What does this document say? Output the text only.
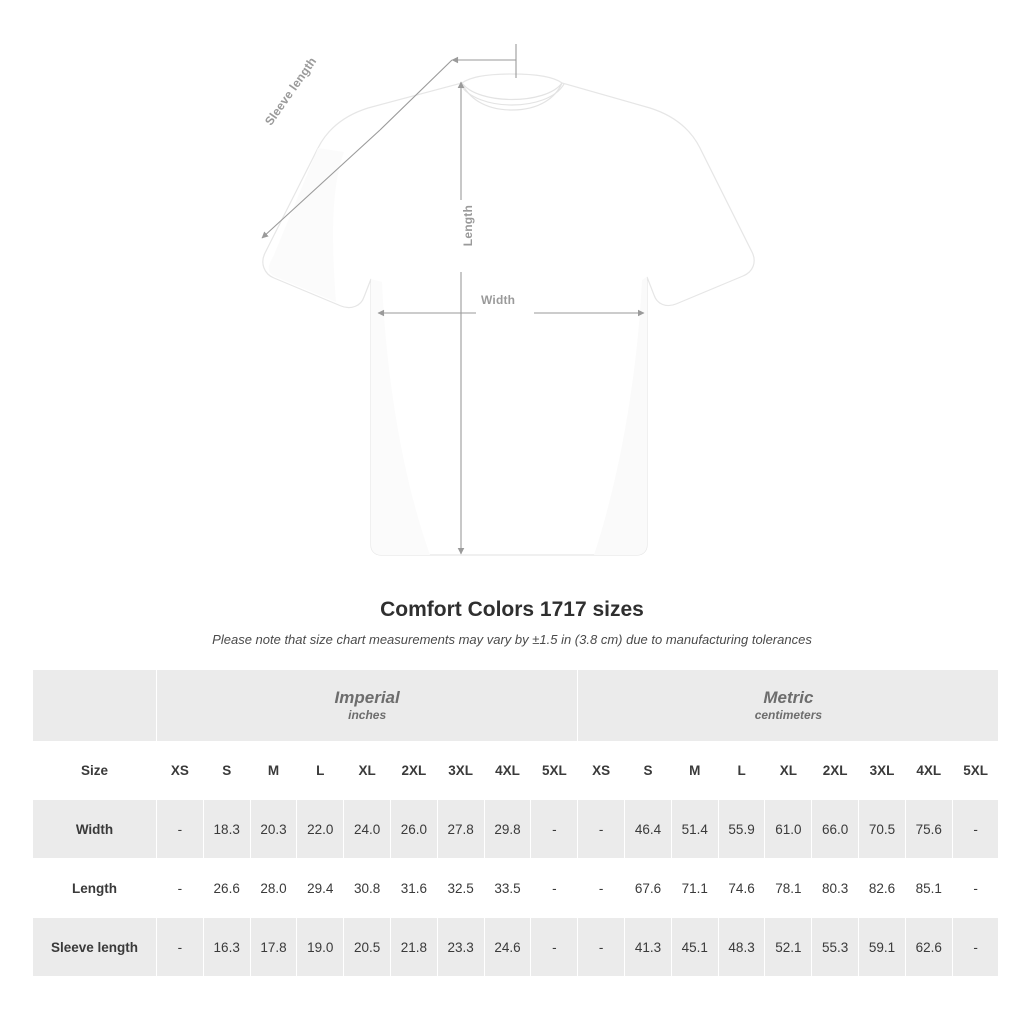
Sleeve length
Length
Width
Comfort Colors 1717 sizes

Please note that size chart measurements may vary by ±1.5 in (3.8 cm) due to manufacturing tolerances

Imperial
inches

Metric
centimeters

Size	XS	S	M	L	XL	2XL	3XL	4XL	5XL	XS	S	M	L	XL	2XL	3XL	4XL	5XL
Width	-	18.3	20.3	22.0	24.0	26.0	27.8	29.8	-	-	46.4	51.4	55.9	61.0	66.0	70.5	75.6	-
Length	-	26.6	28.0	29.4	30.8	31.6	32.5	33.5	-	-	67.6	71.1	74.6	78.1	80.3	82.6	85.1	-
Sleeve length	-	16.3	17.8	19.0	20.5	21.8	23.3	24.6	-	-	41.3	45.1	48.3	52.1	55.3	59.1	62.6	-
